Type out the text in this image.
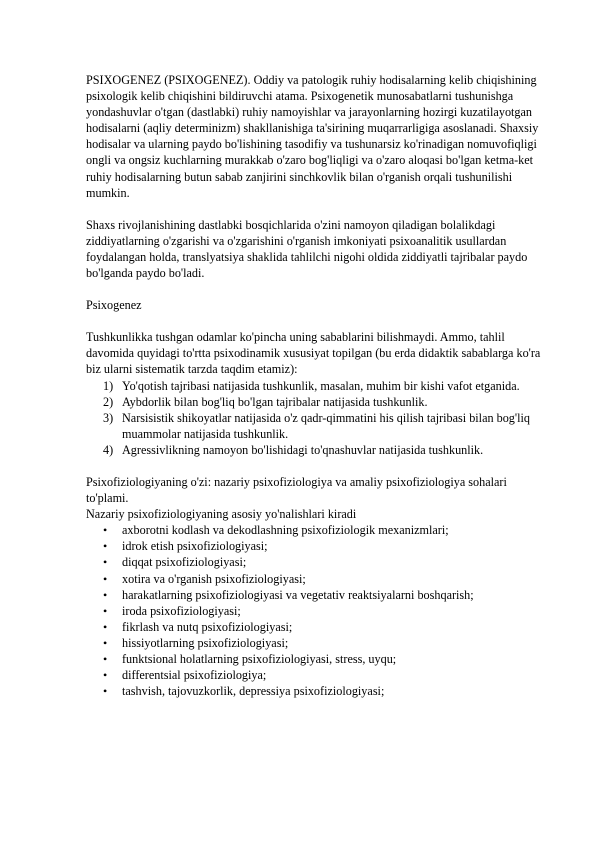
PSIXOGENEZ (PSIXOGENEZ). Oddiy va patologik ruhiy hodisalarning kelib chiqishining psixologik kelib chiqishini bildiruvchi atama. Psixogenetik munosabatlarni tushunishga yondashuvlar o'tgan (dastlabki) ruhiy namoyishlar va jarayonlarning hozirgi kuzatilayotgan hodisalarni (aqliy determinizm) shakllanishiga ta'sirining muqarrarligiga asoslanadi. Shaxsiy hodisalar va ularning paydo bo'lishining tasodifiy va tushunarsiz ko'rinadigan nomuvofiqligi ongli va ongsiz kuchlarning murakkab o'zaro bog'liqligi va o'zaro aloqasi bo'lgan ketma-ket ruhiy hodisalarning butun sabab zanjirini sinchkovlik bilan o'rganish orqali tushunilishi mumkin.

Shaxs rivojlanishining dastlabki bosqichlarida o'zini namoyon qiladigan bolalikdagi ziddiyatlarning o'zgarishi va o'zgarishini o'rganish imkoniyati psixoanalitik usullardan foydalangan holda, translyatsiya shaklida tahlilchi nigohi oldida ziddiyatli tajribalar paydo bo'lganda paydo bo'ladi.

Psixogenez

Tushkunlikka tushgan odamlar ko'pincha uning sabablarini bilishmaydi. Ammo, tahlil davomida quyidagi to'rtta psixodinamik xususiyat topilgan (bu erda didaktik sabablarga ko'ra biz ularni sistematik tarzda taqdim etamiz):

1) Yo'qotish tajribasi natijasida tushkunlik, masalan, muhim bir kishi vafot etganida.
2) Aybdorlik bilan bog'liq bo'lgan tajribalar natijasida tushkunlik.
3) Narsisistik shikoyatlar natijasida o'z qadr-qimmatini his qilish tajribasi bilan bog'liq muammolar natijasida tushkunlik.
4) Agressivlikning namoyon bo'lishidagi to'qnashuvlar natijasida tushkunlik.

Psixofiziologiyaning o'zi: nazariy psixofiziologiya va amaliy psixofiziologiya sohalari to'plami.

Nazariy psixofiziologiyaning asosiy yo'nalishlari kiradi

• axborotni kodlash va dekodlashning psixofiziologik mexanizmlari;
• idrok etish psixofiziologiyasi;
• diqqat psixofiziologiyasi;
• xotira va o'rganish psixofiziologiyasi;
• harakatlarning psixofiziologiyasi va vegetativ reaktsiyalarni boshqarish;
• iroda psixofiziologiyasi;
• fikrlash va nutq psixofiziologiyasi;
• hissiyotlarning psixofiziologiyasi;
• funktsional holatlarning psixofiziologiyasi, stress, uyqu;
• differentsial psixofiziologiya;
• tashvish, tajovuzkorlik, depressiya psixofiziologiyasi;
